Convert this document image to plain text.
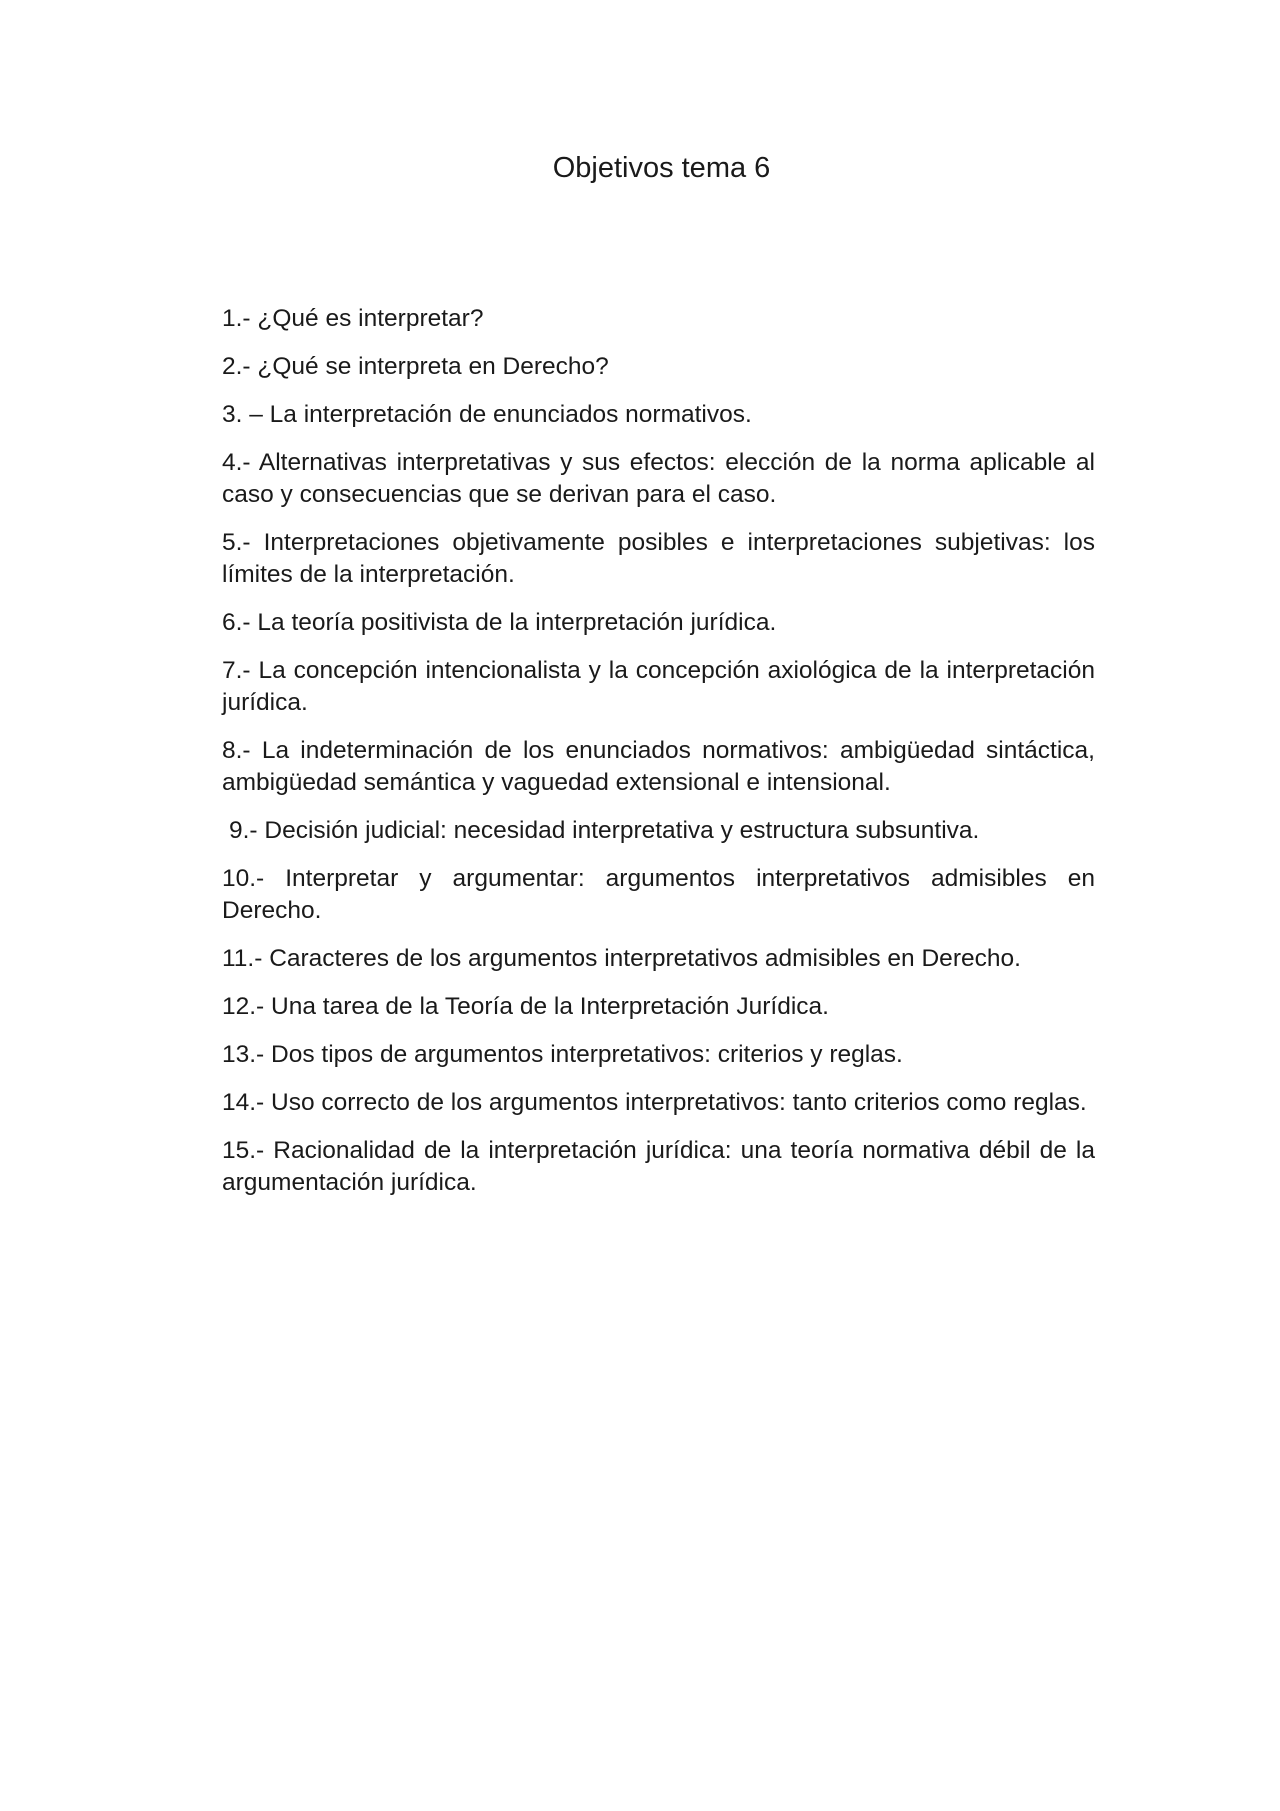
Objetivos tema 6
1.- ¿Qué es interpretar?
2.- ¿Qué se interpreta en Derecho?
3. – La interpretación de enunciados normativos.
4.- Alternativas interpretativas y sus efectos: elección de la norma aplicable al caso y consecuencias que se derivan para el caso.
5.- Interpretaciones objetivamente posibles e interpretaciones subjetivas: los límites de la interpretación.
6.- La teoría positivista de la interpretación jurídica.
7.- La concepción intencionalista y la concepción axiológica de la interpretación jurídica.
8.- La indeterminación de los enunciados normativos: ambigüedad sintáctica, ambigüedad semántica y vaguedad extensional e intensional.
9.- Decisión judicial: necesidad interpretativa y estructura subsuntiva.
10.- Interpretar y argumentar: argumentos interpretativos admisibles en Derecho.
11.- Caracteres de los argumentos interpretativos admisibles en Derecho.
12.- Una tarea de la Teoría de la Interpretación Jurídica.
13.- Dos tipos de argumentos interpretativos: criterios y reglas.
14.- Uso correcto de los argumentos interpretativos: tanto criterios como reglas.
15.- Racionalidad de la interpretación jurídica: una teoría normativa débil de la argumentación jurídica.
